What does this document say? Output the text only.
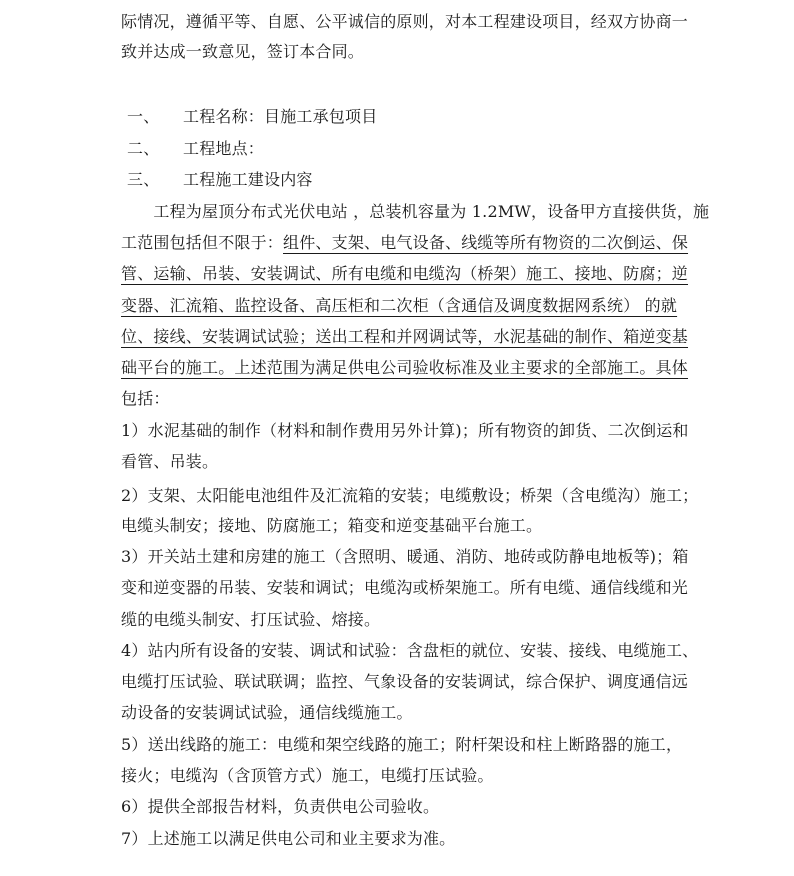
际情况，遵循平等、自愿、公平诚信的原则，对本工程建设项目，经双方协商一
致并达成一致意见，签订本合同。
一、 工程名称：目施工承包项目
二、 工程地点：
三、 工程施工建设内容
　　工程为屋顶分布式光伏电站 ，总装机容量为 1.2MW，设备甲方直接供货，施
工范围包括但不限于：组件、支架、电气设备、线缆等所有物资的二次倒运、保
管、运输、吊装、安装调试、所有电缆和电缆沟（桥架）施工、接地、防腐；逆
变器、汇流箱、监控设备、高压柜和二次柜（含通信及调度数据网系统） 的就
位、接线、安装调试试验；送出工程和并网调试等，水泥基础的制作、箱逆变基
础平台的施工。上述范围为满足供电公司验收标准及业主要求的全部施工。具体
包括：
1）水泥基础的制作（材料和制作费用另外计算)；所有物资的卸货、二次倒运和
看管、吊装。
2）支架、太阳能电池组件及汇流箱的安装；电缆敷设；桥架（含电缆沟）施工；
电缆头制安；接地、防腐施工；箱变和逆变基础平台施工。
3）开关站土建和房建的施工（含照明、暖通、消防、地砖或防静电地板等)；箱
变和逆变器的吊装、安装和调试；电缆沟或桥架施工。所有电缆、通信线缆和光
缆的电缆头制安、打压试验、熔接。
4）站内所有设备的安装、调试和试验：含盘柜的就位、安装、接线、电缆施工、
电缆打压试验、联试联调；监控、气象设备的安装调试，综合保护、调度通信远
动设备的安装调试试验，通信线缆施工。
5）送出线路的施工：电缆和架空线路的施工；附杆架设和柱上断路器的施工，
接火；电缆沟（含顶管方式）施工，电缆打压试验。
6）提供全部报告材料，负责供电公司验收。
7）上述施工以满足供电公司和业主要求为准。
